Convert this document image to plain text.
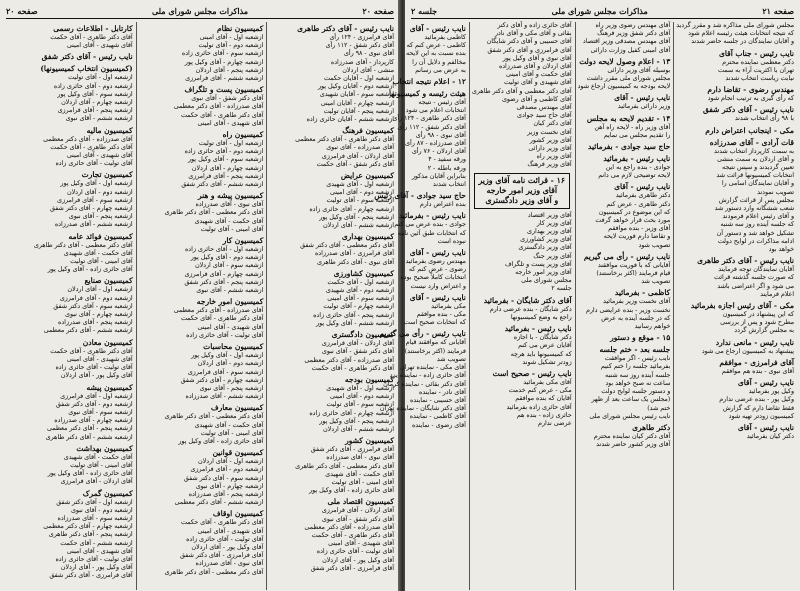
صفحه ۲۰
مذاکرات مجلس شورای ملی
صفحه ۲۰
نایب رئیس - آقای دکتر طاهری
آقای فرامرزی - ۱۲۴ رأی
آقای دکتر شفق - ۱۱۲ رأی
آقای نبوی - ۹۸ رأی
کارپرداز - آقای صدرزاده
منشی - آقای اردلان
ازشعبه اول - آقایان حکمت
ازشعبه دوم - آقایان وکیل پور
ازشعبه سوم - آقایان شهیدی
ازشعبه چهارم - آقایان امینی
ازشعبه پنجم - آقایان تولیت
ازشعبه ششم - آقایان حائری زاده
کمیسیون فرهنگ
آقای دکتر طاهری - آقای دکتر معظمی
آقای صدرزاده - آقای نبوی
آقای اردلان - آقای فرامرزی
آقای دکتر شفق - آقای حکمت
کمیسیون عرایض
ازشعبه اول - آقای شهیدی
ازشعبه دوم - آقای امینی
ازشعبه سوم - آقای تولیت
ازشعبه چهارم - آقای حائری زاده
ازشعبه پنجم - آقای وکیل پور
ازشعبه ششم - آقای اردلان
کمیسیون بهداری
آقای دکتر معظمی - آقای دکتر شفق
آقای فرامرزی - آقای صدرزاده
آقای نبوی - آقای دکتر طاهری
کمیسیون کشاورزی
ازشعبه اول - آقای حکمت
ازشعبه دوم - آقای شهیدی
ازشعبه سوم - آقای امینی
ازشعبه چهارم - آقای تولیت
ازشعبه پنجم - آقای حائری زاده
ازشعبه ششم - آقای وکیل پور
کمیسیون دادگستری
آقای اردلان - آقای فرامرزی
آقای دکتر شفق - آقای نبوی
آقای صدرزاده - آقای دکتر معظمی
آقای دکتر طاهری - آقای حکمت
کمیسیون بودجه
ازشعبه اول - آقای شهیدی
ازشعبه دوم - آقای امینی
ازشعبه سوم - آقای تولیت
ازشعبه چهارم - آقای حائری زاده
ازشعبه پنجم - آقای وکیل پور
ازشعبه ششم - آقای اردلان
کمیسیون کشور
آقای فرامرزی - آقای دکتر شفق
آقای نبوی - آقای صدرزاده
آقای دکتر معظمی - آقای دکتر طاهری
آقای حکمت - آقای شهیدی
آقای امینی - آقای تولیت
آقای حائری زاده - آقای وکیل پور
کمیسیون اقتصاد ملی
آقای اردلان - آقای فرامرزی
آقای دکتر شفق - آقای نبوی
آقای صدرزاده - آقای دکتر معظمی
آقای دکتر طاهری - آقای حکمت
آقای شهیدی - آقای امینی
آقای تولیت - آقای حائری زاده
آقای وکیل پور - آقای اردلان
آقای فرامرزی - آقای دکتر شفق
کمیسیون نظام
ازشعبه اول - آقای امینی
ازشعبه دوم - آقای تولیت
ازشعبه سوم - آقای حائری زاده
ازشعبه چهارم - آقای وکیل پور
ازشعبه پنجم - آقای اردلان
ازشعبه ششم - آقای فرامرزی
کمیسیون پست و تلگراف
آقای دکتر شفق - آقای نبوی
آقای صدرزاده - آقای دکتر معظمی
آقای دکتر طاهری - آقای حکمت
آقای شهیدی - آقای امینی
کمیسیون راه
ازشعبه اول - آقای تولیت
ازشعبه دوم - آقای حائری زاده
ازشعبه سوم - آقای وکیل پور
ازشعبه چهارم - آقای اردلان
ازشعبه پنجم - آقای فرامرزی
ازشعبه ششم - آقای دکتر شفق
کمیسیون پیشه و هنر
آقای نبوی - آقای صدرزاده
آقای دکتر معظمی - آقای دکتر طاهری
آقای حکمت - آقای شهیدی
آقای امینی - آقای تولیت
کمیسیون کار
ازشعبه اول - آقای حائری زاده
ازشعبه دوم - آقای وکیل پور
ازشعبه سوم - آقای اردلان
ازشعبه چهارم - آقای فرامرزی
ازشعبه پنجم - آقای دکتر شفق
ازشعبه ششم - آقای نبوی
کمیسیون امور خارجه
آقای صدرزاده - آقای دکتر معظمی
آقای دکتر طاهری - آقای حکمت
آقای شهیدی - آقای امینی
آقای تولیت - آقای حائری زاده
کمیسیون محاسبات
ازشعبه اول - آقای وکیل پور
ازشعبه دوم - آقای اردلان
ازشعبه سوم - آقای فرامرزی
ازشعبه چهارم - آقای دکتر شفق
ازشعبه پنجم - آقای نبوی
ازشعبه ششم - آقای صدرزاده
کمیسیون معارف
آقای دکتر معظمی - آقای دکتر طاهری
آقای حکمت - آقای شهیدی
آقای امینی - آقای تولیت
آقای حائری زاده - آقای وکیل پور
کمیسیون قوانین
ازشعبه اول - آقای اردلان
ازشعبه دوم - آقای فرامرزی
ازشعبه سوم - آقای دکتر شفق
ازشعبه چهارم - آقای نبوی
ازشعبه پنجم - آقای صدرزاده
ازشعبه ششم - آقای دکتر معظمی
کمیسیون اوقاف
آقای دکتر طاهری - آقای حکمت
آقای شهیدی - آقای امینی
آقای تولیت - آقای حائری زاده
آقای وکیل پور - آقای اردلان
آقای فرامرزی - آقای دکتر شفق
آقای نبوی - آقای صدرزاده
آقای دکتر معظمی - آقای دکتر طاهری
کارتابل - اطلاعات رسمی
آقای دکتر طاهری - آقای حکمت
آقای شهیدی - آقای امینی
نایب رئیس - آقای دکتر شفق
(کمیسیون انتخاب کمیسیونها)
ازشعبه اول - آقای تولیت
ازشعبه دوم - آقای حائری زاده
ازشعبه سوم - آقای وکیل پور
ازشعبه چهارم - آقای اردلان
ازشعبه پنجم - آقای فرامرزی
ازشعبه ششم - آقای نبوی
کمیسیون مالیه
آقای صدرزاده - آقای دکتر معظمی
آقای دکتر طاهری - آقای حکمت
آقای شهیدی - آقای امینی
آقای تولیت - آقای حائری زاده
کمیسیون تجارت
ازشعبه اول - آقای وکیل پور
ازشعبه دوم - آقای اردلان
ازشعبه سوم - آقای فرامرزی
ازشعبه چهارم - آقای دکتر شفق
ازشعبه پنجم - آقای نبوی
ازشعبه ششم - آقای صدرزاده
کمیسیون فوائد عامه
آقای دکتر معظمی - آقای دکتر طاهری
آقای حکمت - آقای شهیدی
آقای امینی - آقای تولیت
آقای حائری زاده - آقای وکیل پور
کمیسیون صنایع
ازشعبه اول - آقای اردلان
ازشعبه دوم - آقای فرامرزی
ازشعبه سوم - آقای دکتر شفق
ازشعبه چهارم - آقای نبوی
ازشعبه پنجم - آقای صدرزاده
ازشعبه ششم - آقای دکتر معظمی
کمیسیون معادن
آقای دکتر طاهری - آقای حکمت
آقای شهیدی - آقای امینی
آقای تولیت - آقای حائری زاده
آقای وکیل پور - آقای اردلان
کمیسیون پیشه
ازشعبه اول - آقای فرامرزی
ازشعبه دوم - آقای دکتر شفق
ازشعبه سوم - آقای نبوی
ازشعبه چهارم - آقای صدرزاده
ازشعبه پنجم - آقای دکتر معظمی
ازشعبه ششم - آقای دکتر طاهری
کمیسیون بهداشت
آقای حکمت - آقای شهیدی
آقای امینی - آقای تولیت
آقای حائری زاده - آقای وکیل پور
آقای اردلان - آقای فرامرزی
کمیسیون گمرک
ازشعبه اول - آقای دکتر شفق
ازشعبه دوم - آقای نبوی
ازشعبه سوم - آقای صدرزاده
ازشعبه چهارم - آقای دکتر معظمی
ازشعبه پنجم - آقای دکتر طاهری
ازشعبه ششم - آقای حکمت
آقای شهیدی - آقای امینی
آقای تولیت - آقای حائری زاده
آقای وکیل پور - آقای اردلان
آقای فرامرزی - آقای دکتر شفق
صفحه ۲۱
مذاکرات مجلس شورای ملی
جلسه ۲
مجلس شورای ملی مذاکره شد و مقرر گردید
که نتیجه انتخابات هیئت رئیسه اعلام شود
و آقایان نمایندگان در جلسه حاضر شدند
نایب رئیس - جناب آقای
دکتر معظمی نماینده محترم
تهران با اکثریت آراء به سمت
نیابت ریاست انتخاب شدند
مهندس رضوی - تقاضا دارم
که رأی گیری به ترتیب انجام شود
نایب رئیس - آقای دکتر شفق
با ۹۸ رأی انتخاب شدند
مکی - اینجانب اعتراض دارم
قات آرادی - آقای صدرزاده
به سمت کارپرداز انتخاب شدند
و آقای اردلان به سمت منشی
تعیین گردیدند و سپس نتیجه
انتخابات کمیسیونها قرائت شد
و آقایان نمایندگان اسامی را
تصویب نمودند
مجلس پس از قرائت گزارش
شعب ششگانه وارد دستور شد
و آقای رئیس اعلام فرمودند
که جلسه آینده روز سه شنبه
تشکیل خواهد شد و دستور آن
ادامه مذاکرات در لوایح دولت
خواهد بود
نایب رئیس - آقای دکتر طاهری
آقایان نمایندگان توجه فرمایند
که صورت جلسه گذشته قرائت
می شود و اگر اعتراضی باشد
اعلام فرمایند
مکی - آقای رئیس اجازه بفرمائید
که این پیشنهاد در کمیسیون
مطرح شود و پس از بررسی
به مجلس گزارش گردد
نایب رئیس - مانعی ندارد
پیشنهاد به کمیسیون ارجاع می شود
آقای فرامرزی - موافقم
آقای نبوی - بنده هم موافقم
نایب رئیس - آقای
وکیل پور بفرمائید
وکیل پور - بنده عرضی ندارم
فقط تقاضا دارم که گزارش
کمیسیون زودتر تهیه شود
نایب رئیس - آقای
دکتر کیان بفرمائید
آقای مهندس رضوی وزیر راه
آقای دکتر شفق وزیر فرهنگ
آقای مهندس مصدقی وزیر اقتصاد
آقای امینی کفیل وزارت دارائی
۱۳ - اعلام وصول لایحه دولت
بوسیله آقای وزیر دارائی
مجلس شورای ملی مقرر داشت
لایحه بودجه به کمیسیون ارجاع شود
نایب رئیس - آقای
وزیر دارائی بفرمائید
۱۴ - تقدیم لایحه به مجلس
آقای وزیر راه - لایحه راه آهن
را تقدیم مجلس می نمایم
حاج سید جوادی - بفرمائید
نایب رئیس - بفرمائید
جوادی - بنده راجع به این
لایحه توضیحی لازم می دانم
نایب رئیس - آقای
دکتر طاهری بفرمائید
دکتر طاهری - عرض کنم
که این موضوع در کمیسیون
مورد بحث قرار خواهد گرفت
آقای وزیر - بنده موافقم
و تقاضا دارم فوریت لایحه
تصویب شود
نایب رئیس - رأی می گیریم
آقایانی که با فوریت موافقند
قیام فرمایند (اکثر برخاستند)
تصویب شد
کاظمی - بفرمائید
آقای نخست وزیر بفرمائید
نخست وزیر - بنده عرایضی دارم
که در جلسه آینده به عرض
خواهم رسانید
۱۵ - موقع و دستور
جلسه بعد - ختم جلسه
نایب رئیس - اگر موافقت
بفرمائید جلسه را ختم کنیم
جلسه آینده روز سه شنبه
ساعت نه صبح خواهد بود
و دستور جلسه لوایح دولت
(مجلس یک ساعت بعد از ظهر
ختم شد)
نایب رئیس مجلس شورای ملی
دکتر طاهری
آقای دکتر کیان نماینده محترم
آقای وزیر کشور حاضر شدند
آقای حائری زاده و آقای دکتر
بقائی و آقای مکی و آقای نادر
آقای حسیبی و آقای دکتر شایگان
آقای فرامرزی و آقای دکتر شفق
آقای نبوی و آقای وکیل پور
آقای اردلان و آقای صدرزاده
آقای حکمت و آقای امینی
آقای شهیدی و آقای تولیت
آقای دکتر معظمی و آقای دکتر طاهری
آقای کاظمی و آقای رضوی
آقای مهندس مصدقی
آقای حاج سید جوادی
آقای دکتر کیان
آقای نخست وزیر
آقای وزیر کشور
آقای وزیر دارائی
آقای وزیر راه
آقای وزیر فرهنگ
۱۶ - قرائت نامه آقای وزیر
آقای وزیر امور خارجه
و آقای وزیر دادگستری
آقای وزیر اقتصاد
آقای وزیر کار
آقای وزیر بهداری
آقای وزیر کشاورزی
آقای وزیر دادگستری
آقای وزیر جنگ
آقای وزیر پست و تلگراف
آقای وزیر امور خارجه
مجلس شورای ملی
جلسه ۲
آقای دکتر شایگان - بفرمائید
دکتر شایگان - بنده عرضی دارم
راجع به وضع کمیسیونها
نایب رئیس - بفرمائید
دکتر شایگان - با اجازه
آقایان عرض می کنم
که کمیسیونها باید هرچه
زودتر تشکیل شوند
نایب رئیس - صحیح است
آقای مکی بفرمائید
مکی - عرض کنم خدمت
آقایان که بنده موافقم
آقای حائری زاده بفرمائید
حائری زاده - بنده هم
عرضی ندارم
نایب رئیس - آقای
کاظمی بفرمائید
کاظمی - عرض کنم که
بنده نسبت به این لایحه
مخالفم و دلایل آن را
به عرض می رسانم
۱۲ - اعلام نتیجه انتخاب
هیئت رئیسه و کمیسیونها
آقای رئیس - نتیجه
انتخابات اعلام می شود
آقای دکتر طاهری - ۱۲۴ رأی
آقای دکتر شفق - ۱۱۲ رأی
آقای نبوی - ۹۸ رأی
آقای صدرزاده - ۸۷ رأی
آقای اردلان - ۷۶ رأی
ورقه سفید - ۴
ورقه باطله - ۲
بنابراین آقایان مذکور
انتخاب شدند
حاج سید جوادی - آقای رئیس
بنده اعتراض دارم
نایب رئیس - بفرمائید
جوادی - بنده عرض می کنم
که انتخابات طبق آئین نامه
نبوده است
نایب رئیس - آقای
مهندس رضوی بفرمائید
رضوی - عرض کنم که
انتخابات کاملاً صحیح بوده
و اعتراض وارد نیست
نایب رئیس - آقای
مکی بفرمائید
مکی - بنده موافقم
که انتخابات صحیح است
نایب رئیس - رأی می گیریم
آقایانی که موافقند قیام
فرمایند (اکثر برخاستند)
تصویب شد
آقای مکی - نماینده تهران
آقای حائری زاده - نماینده یزد
آقای دکتر بقائی - نماینده کرمان
آقای نادر - نماینده
آقای حسیبی - نماینده
آقای دکتر شایگان - نماینده تهران
آقای کاظمی - نماینده
آقای رضوی - نماینده
